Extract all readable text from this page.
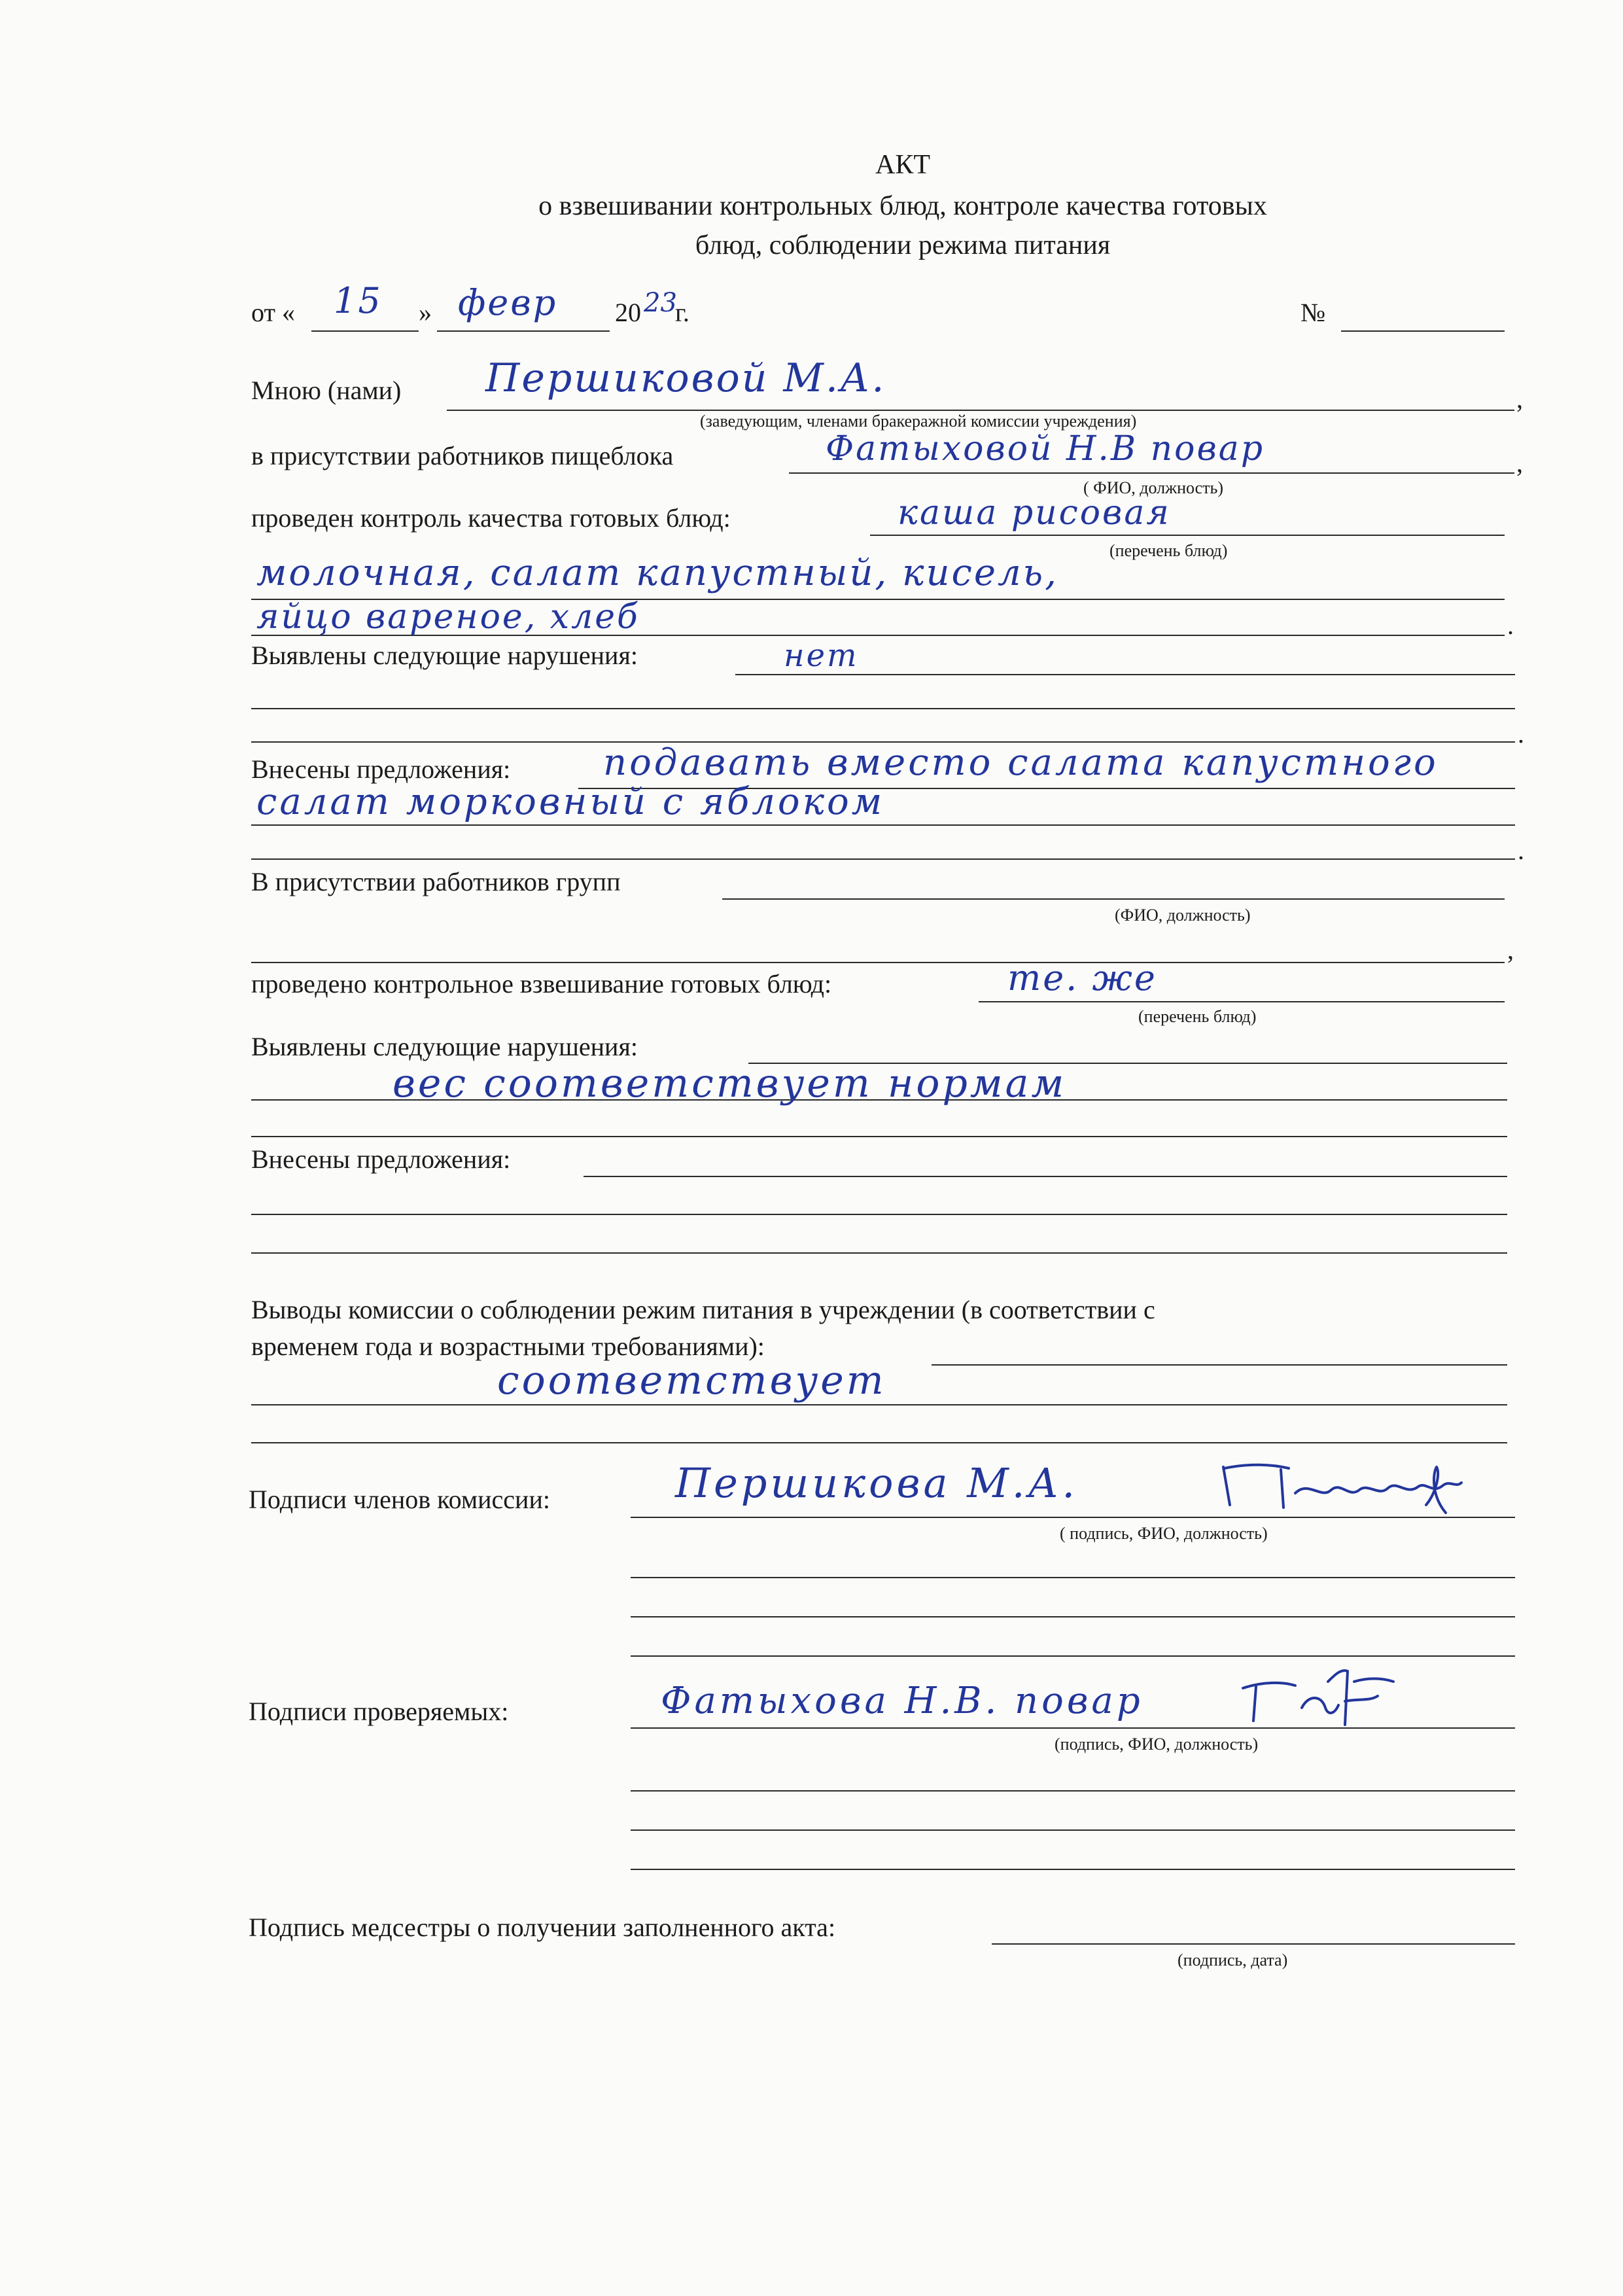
АКТ
о взвешивании контрольных блюд, контроле качества готовых
блюд, соблюдении режима питания
от « 15 » февр 20 23
г.	№
Мною (нами)	,
Першиковой М.А.
(заведующим, членами бракеражной комиссии учреждения)
в присутствии работников пищеблока	,
Фатыховой Н.В повар
( ФИО, должность)
проведен контроль качества готовых блюд:	каша рисовая
(перечень блюд)
молочная, салат капустный, кисель,
.
яйцо вареное, хлеб
Выявлены следующие нарушения:	нет
.
Внесены предложения:	подавать вместо салата капустного
салат морковный с яблоком
.
В присутствии работников групп
(ФИО, должность)
,
проведено контрольное взвешивание готовых блюд:	те. же
(перечень блюд)
Выявлены следующие нарушения:
вес соответствует нормам
Внесены предложения:
Выводы комиссии о соблюдении режим питания в учреждении (в соответствии с
временем года и возрастными требованиями):
соответствует
Подписи членов комиссии:	Першикова М.А.
( подпись, ФИО, должность)
Подписи проверяемых:	Фатыхова Н.В. повар
(подпись, ФИО, должность)
Подпись медсестры о получении заполненного акта:
(подпись, дата)
